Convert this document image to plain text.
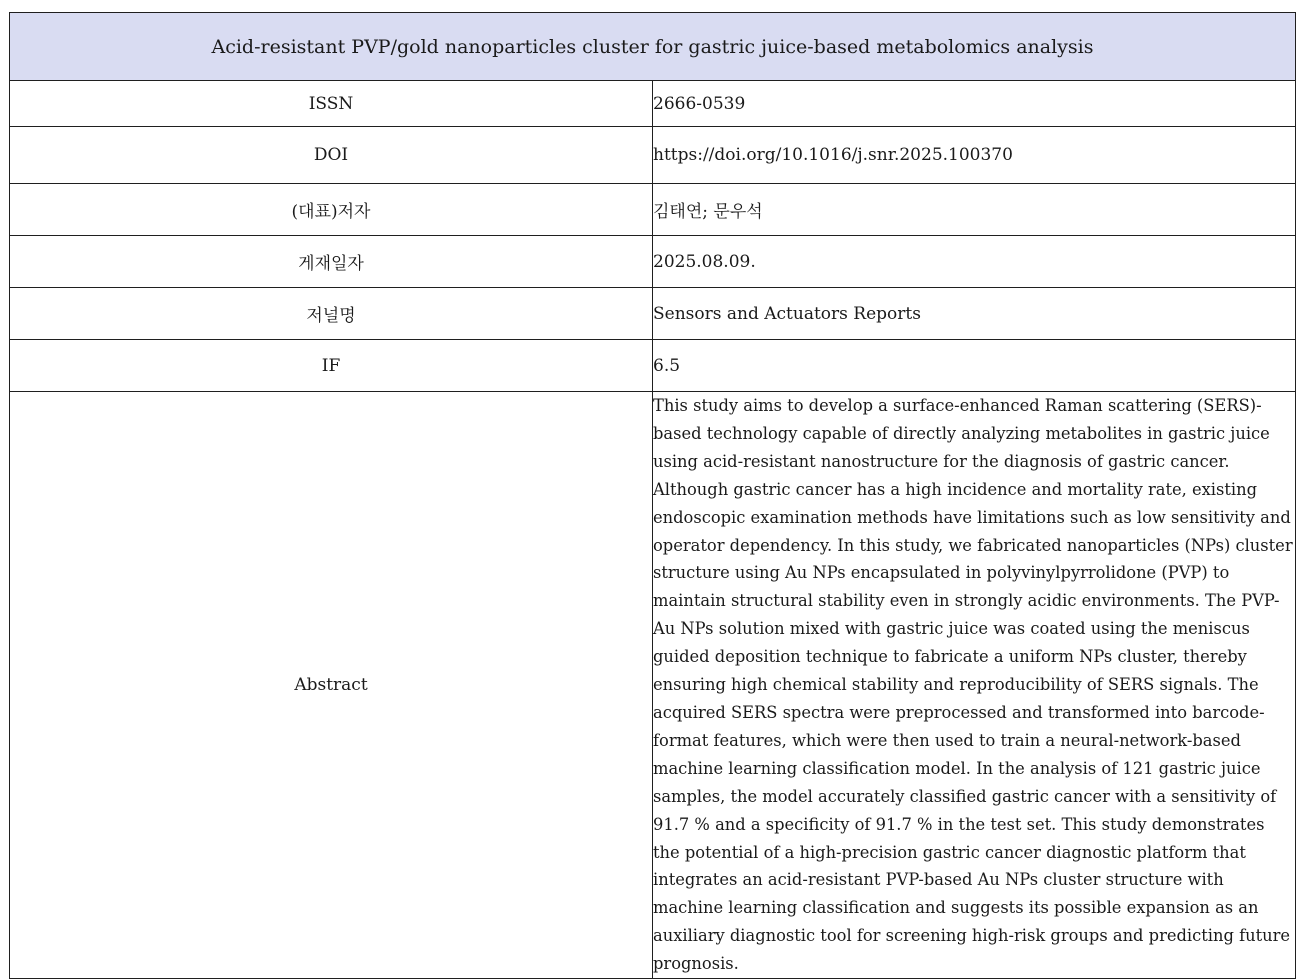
Acid-resistant PVP/gold nanoparticles cluster for gastric juice-based metabolomics analysis	
ISSN	2666-0539
DOI	https://doi.org/10.1016/j.snr.2025.100370
(대표)저자	김태연; 문우석
게재일자	2025.08.09.
저널명	Sensors and Actuators Reports
IF	6.5
Abstract	This study aims to develop a surface-enhanced Raman scattering (SERS)-based technology capable of directly analyzing metabolites in gastric juice using acid-resistant nanostructure for the diagnosis of gastric cancer. Although gastric cancer has a high incidence and mortality rate, existing endoscopic examination methods have limitations such as low sensitivity and operator dependency. In this study, we fabricated nanoparticles (NPs) cluster structure using Au NPs encapsulated in polyvinylpyrrolidone (PVP) to maintain structural stability even in strongly acidic environments. The PVP-Au NPs solution mixed with gastric juice was coated using the meniscus guided deposition technique to fabricate a uniform NPs cluster, thereby ensuring high chemical stability and reproducibility of SERS signals. The acquired SERS spectra were preprocessed and transformed into barcode-format features, which were then used to train a neural-network-based machine learning classification model. In the analysis of 121 gastric juice samples, the model accurately classified gastric cancer with a sensitivity of 91.7 % and a specificity of 91.7 % in the test set. This study demonstrates the potential of a high-precision gastric cancer diagnostic platform that integrates an acid-resistant PVP-based Au NPs cluster structure with machine learning classification and suggests its possible expansion as an auxiliary diagnostic tool for screening high-risk groups and predicting future prognosis.
